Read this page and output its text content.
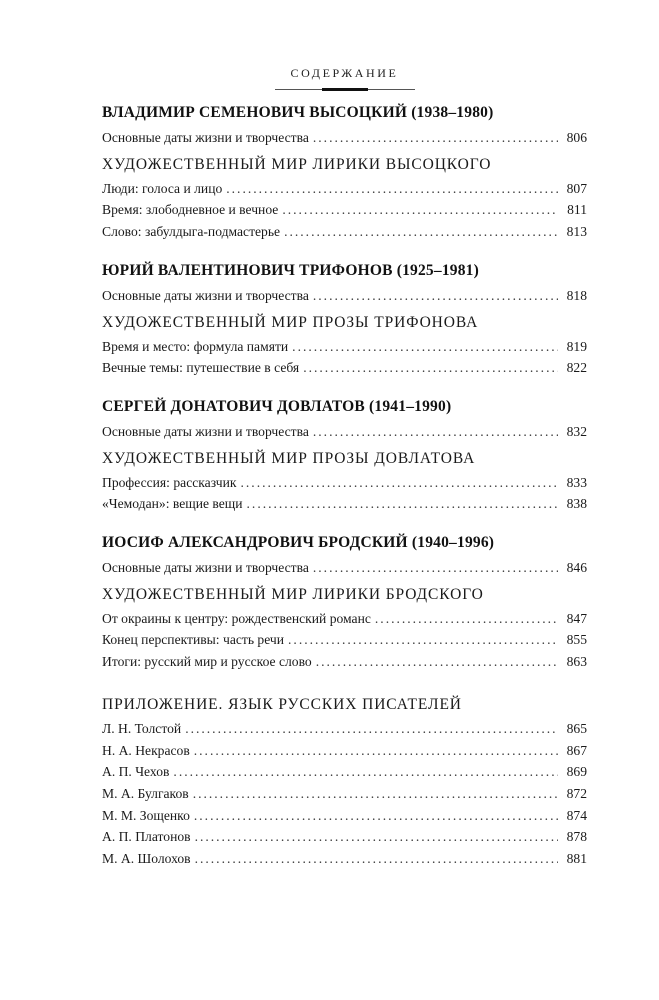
СОДЕРЖАНИЕ
ВЛАДИМИР СЕМЕНОВИЧ ВЫСОЦКИЙ (1938–1980)
Основные даты жизни и творчества . . .	806
ХУДОЖЕСТВЕННЫЙ МИР ЛИРИКИ ВЫСОЦКОГО
Люди: голоса и лицо . . .	807
Время: злободневное и вечное . . .	811
Слово: забулдыга-подмастерье . . .	813
ЮРИЙ ВАЛЕНТИНОВИЧ ТРИФОНОВ (1925–1981)
Основные даты жизни и творчества . . .	818
ХУДОЖЕСТВЕННЫЙ МИР ПРОЗЫ ТРИФОНОВА
Время и место: формула памяти . . .	819
Вечные темы: путешествие в себя . . .	822
СЕРГЕЙ ДОНАТОВИЧ ДОВЛАТОВ (1941–1990)
Основные даты жизни и творчества . . .	832
ХУДОЖЕСТВЕННЫЙ МИР ПРОЗЫ ДОВЛАТОВА
Профессия: рассказчик . . .	833
«Чемодан»: вещие вещи . . .	838
ИОСИФ АЛЕКСАНДРОВИЧ БРОДСКИЙ (1940–1996)
Основные даты жизни и творчества . . .	846
ХУДОЖЕСТВЕННЫЙ МИР ЛИРИКИ БРОДСКОГО
От окраины к центру: рождественский романс . . .	847
Конец перспективы: часть речи . . .	855
Итоги: русский мир и русское слово . . .	863
ПРИЛОЖЕНИЕ. ЯЗЫК РУССКИХ ПИСАТЕЛЕЙ
Л. Н. Толстой . . .	865
Н. А. Некрасов . . .	867
А. П. Чехов . . .	869
М. А. Булгаков . . .	872
М. М. Зощенко . . .	874
А. П. Платонов . . .	878
М. А. Шолохов . . .	881
